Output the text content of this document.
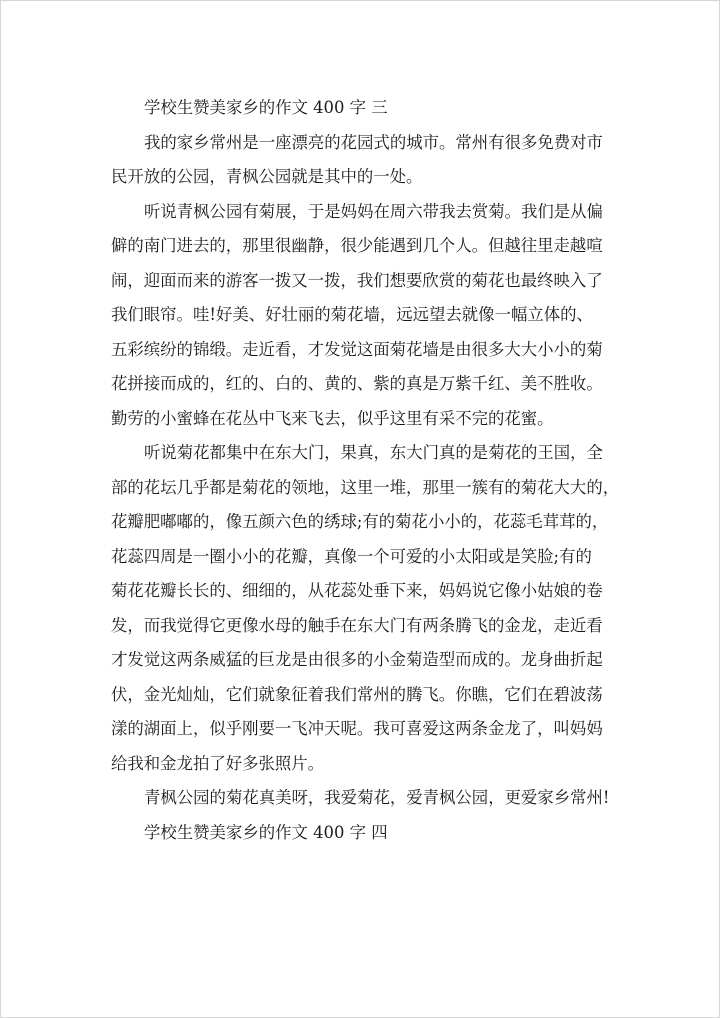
学校生赞美家乡的作文 400 字 三

我的家乡常州是一座漂亮的花园式的城市。常州有很多免费对市
民开放的公园，青枫公园就是其中的一处。

听说青枫公园有菊展，于是妈妈在周六带我去赏菊。我们是从偏
僻的南门进去的，那里很幽静，很少能遇到几个人。但越往里走越喧
闹，迎面而来的游客一拨又一拨，我们想要欣赏的菊花也最终映入了
我们眼帘。哇!好美、好壮丽的菊花墙，远远望去就像一幅立体的、
五彩缤纷的锦缎。走近看，才发觉这面菊花墙是由很多大大小小的菊
花拼接而成的，红的、白的、黄的、紫的真是万紫千红、美不胜收。
勤劳的小蜜蜂在花丛中飞来飞去，似乎这里有采不完的花蜜。

听说菊花都集中在东大门，果真，东大门真的是菊花的王国，全
部的花坛几乎都是菊花的领地，这里一堆，那里一簇有的菊花大大的，
花瓣肥嘟嘟的，像五颜六色的绣球;有的菊花小小的，花蕊毛茸茸的，
花蕊四周是一圈小小的花瓣，真像一个可爱的小太阳或是笑脸;有的
菊花花瓣长长的、细细的，从花蕊处垂下来，妈妈说它像小姑娘的卷
发，而我觉得它更像水母的触手在东大门有两条腾飞的金龙，走近看
才发觉这两条威猛的巨龙是由很多的小金菊造型而成的。龙身曲折起
伏，金光灿灿，它们就象征着我们常州的腾飞。你瞧，它们在碧波荡
漾的湖面上，似乎刚要一飞冲天呢。我可喜爱这两条金龙了，叫妈妈
给我和金龙拍了好多张照片。

青枫公园的菊花真美呀，我爱菊花，爱青枫公园，更爱家乡常州!

学校生赞美家乡的作文 400 字 四
